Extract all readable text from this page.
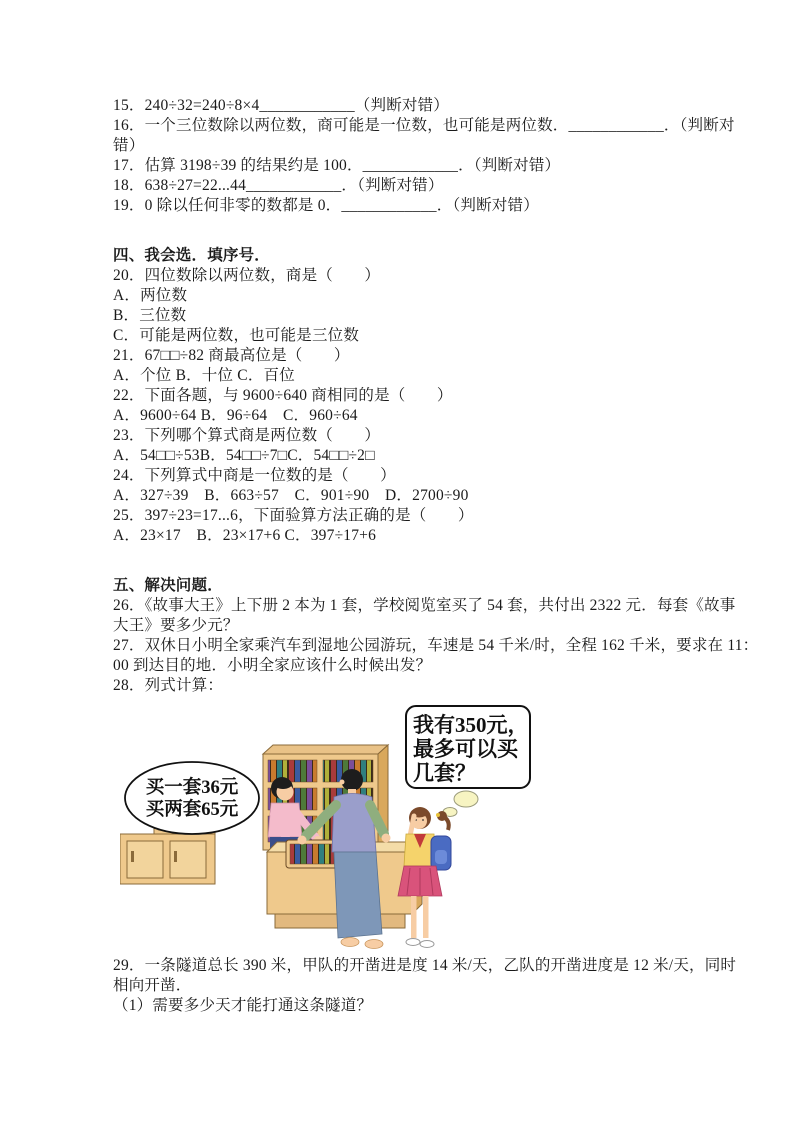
15．240÷32=240÷8×4____________（判断对错）
16．一个三位数除以两位数，商可能是一位数，也可能是两位数．____________．（判断对
错）
17．估算 3198÷39 的结果约是 100．____________．（判断对错）
18．638÷27=22...44____________．（判断对错）
19．0 除以任何非零的数都是 0．____________．（判断对错）
四、我会选．填序号．
20．四位数除以两位数，商是（　　）
A．两位数
B．三位数
C．可能是两位数，也可能是三位数
21．67□□÷82 商最高位是（　　）
A．个位 B．十位 C．百位
22．下面各题，与 9600÷640 商相同的是（　　）
A．9600÷64 B．96÷64　C．960÷64
23．下列哪个算式商是两位数（　　）
A．54□□÷53B．54□□÷7□C．54□□÷2□
24．下列算式中商是一位数的是（　　）
A．327÷39　B．663÷57　C．901÷90　D．2700÷90
25．397÷23=17...6，下面验算方法正确的是（　　）
A．23×17　B．23×17+6 C．397÷17+6
五、解决问题．
26．《故事大王》上下册 2 本为 1 套，学校阅览室买了 54 套，共付出 2322 元．每套《故事
大王》要多少元？
27．双休日小明全家乘汽车到湿地公园游玩，车速是 54 千米/时，全程 162 千米，要求在 11：
00 到达目的地．小明全家应该什么时候出发？
28．列式计算：
买一套36元
买两套65元
我有350元，
最多可以买
几套？
29．一条隧道总长 390 米，甲队的开凿进是度 14 米/天，乙队的开凿进度是 12 米/天，同时
相向开凿．
（1）需要多少天才能打通这条隧道？
